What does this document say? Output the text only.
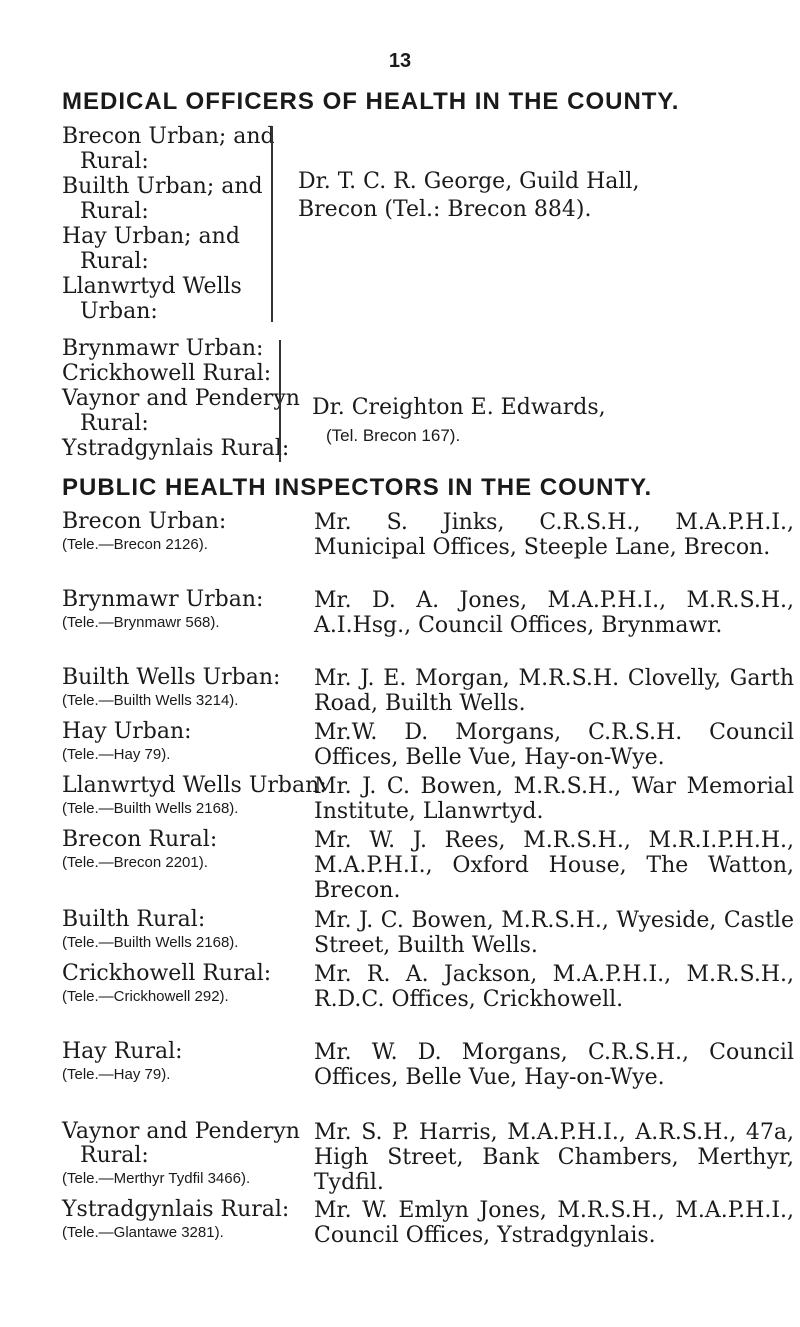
13
MEDICAL OFFICERS OF HEALTH IN THE COUNTY.
Brecon Urban; and
Rural:
Builth Urban; and
Rural:
Hay Urban; and
Rural:
Llanwrtyd Wells
Urban:
Dr. T. C. R. George, Guild Hall,
Brecon (Tel.: Brecon 884).
Brynmawr Urban:
Crickhowell Rural:
Vaynor and Penderyn
Rural:
Ystradgynlais Rural:
Dr. Creighton E. Edwards,
(Tel. Brecon 167).
PUBLIC HEALTH INSPECTORS IN THE COUNTY.
Brecon Urban:
(Tele.—Brecon 2126).
Mr. S. Jinks, C.R.S.H., M.A.P.H.I., Municipal Offices, Steeple Lane, Brecon.
Brynmawr Urban:
(Tele.—Brynmawr 568).
Mr. D. A. Jones, M.A.P.H.I., M.R.S.H., A.I.Hsg., Council Offices, Brynmawr.
Builth Wells Urban:
(Tele.—Builth Wells 3214).
Mr. J. E. Morgan, M.R.S.H. Clovelly, Garth Road, Builth Wells.
Hay Urban:
(Tele.—Hay 79).
Mr.W. D. Morgans, C.R.S.H. Council Offices, Belle Vue, Hay-on-Wye.
Llanwrtyd Wells Urban:
(Tele.—Builth Wells 2168).
Mr. J. C. Bowen, M.R.S.H., War Memorial Institute, Llanwrtyd.
Brecon Rural:
(Tele.—Brecon 2201).
Mr. W. J. Rees, M.R.S.H., M.R.I.P.H.H., M.A.P.H.I., Oxford House, The Watton, Brecon.
Builth Rural:
(Tele.—Builth Wells 2168).
Mr. J. C. Bowen, M.R.S.H., Wyeside, Castle Street, Builth Wells.
Crickhowell Rural:
(Tele.—Crickhowell 292).
Mr. R. A. Jackson, M.A.P.H.I., M.R.S.H., R.D.C. Offices, Crickhowell.
Hay Rural:
(Tele.—Hay 79).
Mr. W. D. Morgans, C.R.S.H., Council Offices, Belle Vue, Hay-on-Wye.
Vaynor and Penderyn
Rural:
(Tele.—Merthyr Tydfil 3466).
Mr. S. P. Harris, M.A.P.H.I., A.R.S.H., 47a, High Street, Bank Chambers, Merthyr, Tydfil.
Ystradgynlais Rural:
(Tele.—Glantawe 3281).
Mr. W. Emlyn Jones, M.R.S.H., M.A.P.H.I., Council Offices, Ystradgynlais.
